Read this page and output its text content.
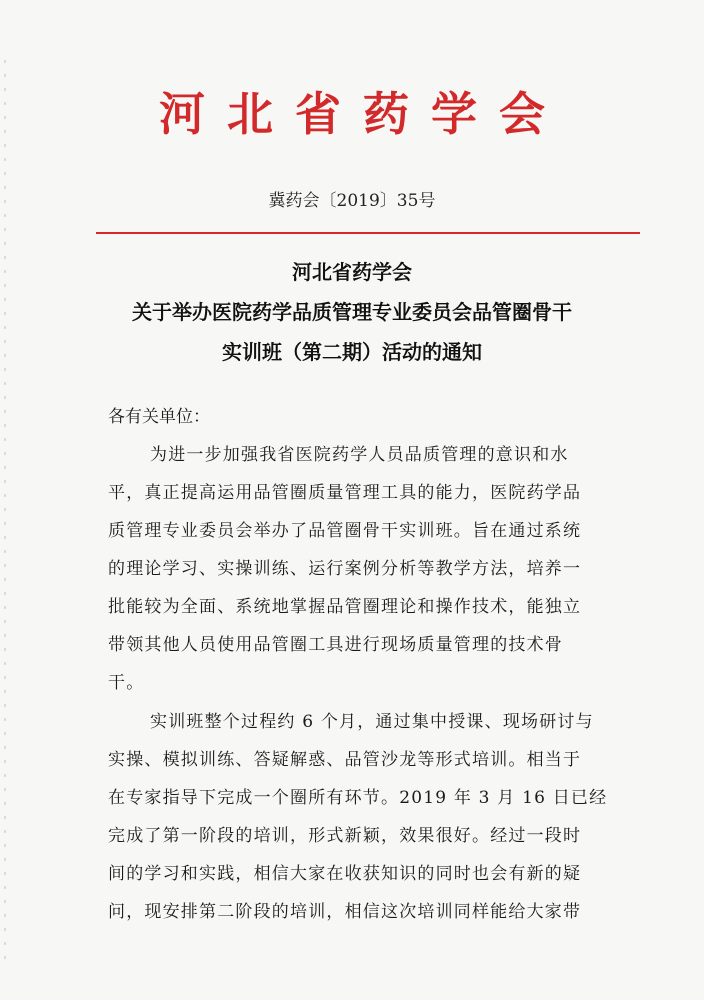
河北省药学会
冀药会〔2019〕35号
河北省药学会
关于举办医院药学品质管理专业委员会品管圈骨干
实训班（第二期）活动的通知
各有关单位：
为进一步加强我省医院药学人员品质管理的意识和水
平，真正提高运用品管圈质量管理工具的能力，医院药学品
质管理专业委员会举办了品管圈骨干实训班。旨在通过系统
的理论学习、实操训练、运行案例分析等教学方法，培养一
批能较为全面、系统地掌握品管圈理论和操作技术，能独立
带领其他人员使用品管圈工具进行现场质量管理的技术骨
干。
实训班整个过程约 6 个月，通过集中授课、现场研讨与
实操、模拟训练、答疑解惑、品管沙龙等形式培训。相当于
在专家指导下完成一个圈所有环节。2019 年 3 月 16 日已经
完成了第一阶段的培训，形式新颖，效果很好。经过一段时
间的学习和实践，相信大家在收获知识的同时也会有新的疑
问，现安排第二阶段的培训，相信这次培训同样能给大家带
